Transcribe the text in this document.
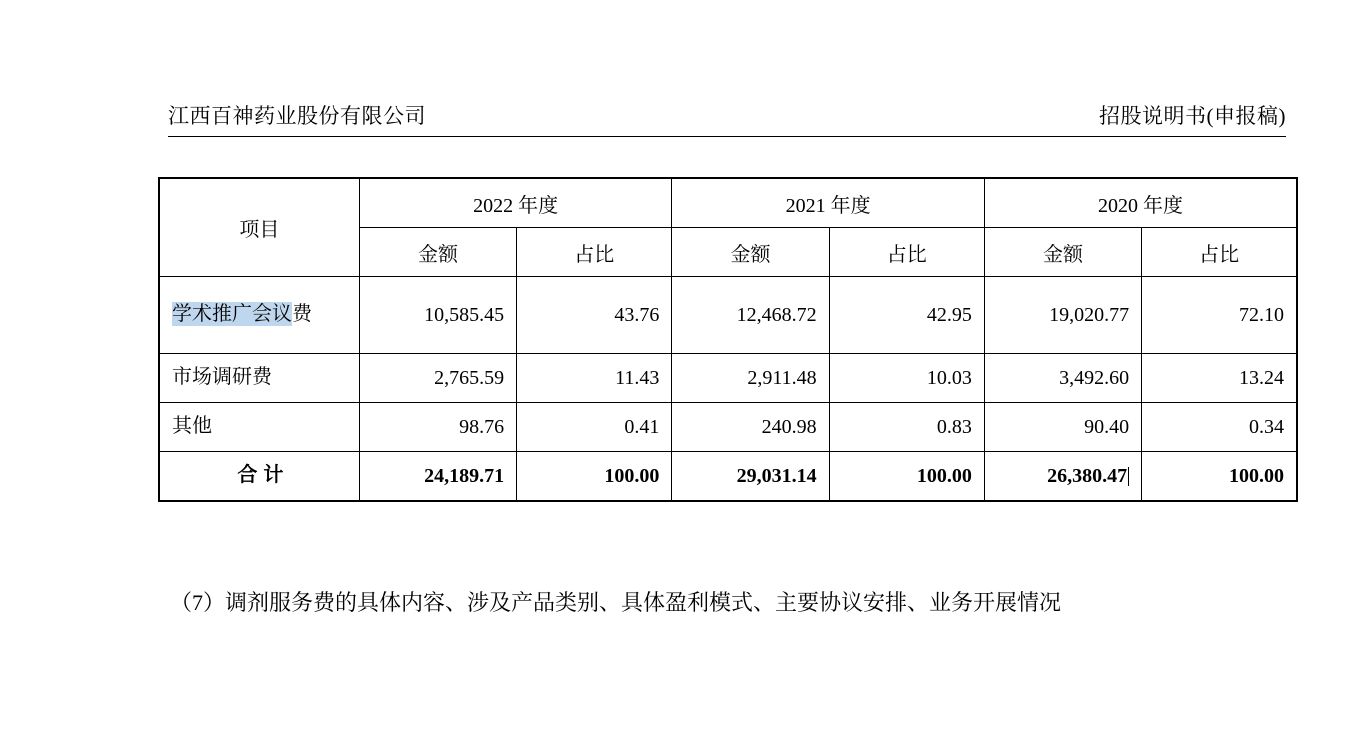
江西百神药业股份有限公司	招股说明书(申报稿)
项目	2022 年度		2021 年度		2020 年度	
	金额	占比	金额	占比	金额	占比
学术推广会议费	10,585.45	43.76	12,468.72	42.95	19,020.77	72.10
市场调研费	2,765.59	11.43	2,911.48	10.03	3,492.60	13.24
其他	98.76	0.41	240.98	0.83	90.40	0.34
合计	24,189.71	100.00	29,031.14	100.00	26,380.47	100.00
（7）调剂服务费的具体内容、涉及产品类别、具体盈利模式、主要协议安排、业务开展情况
